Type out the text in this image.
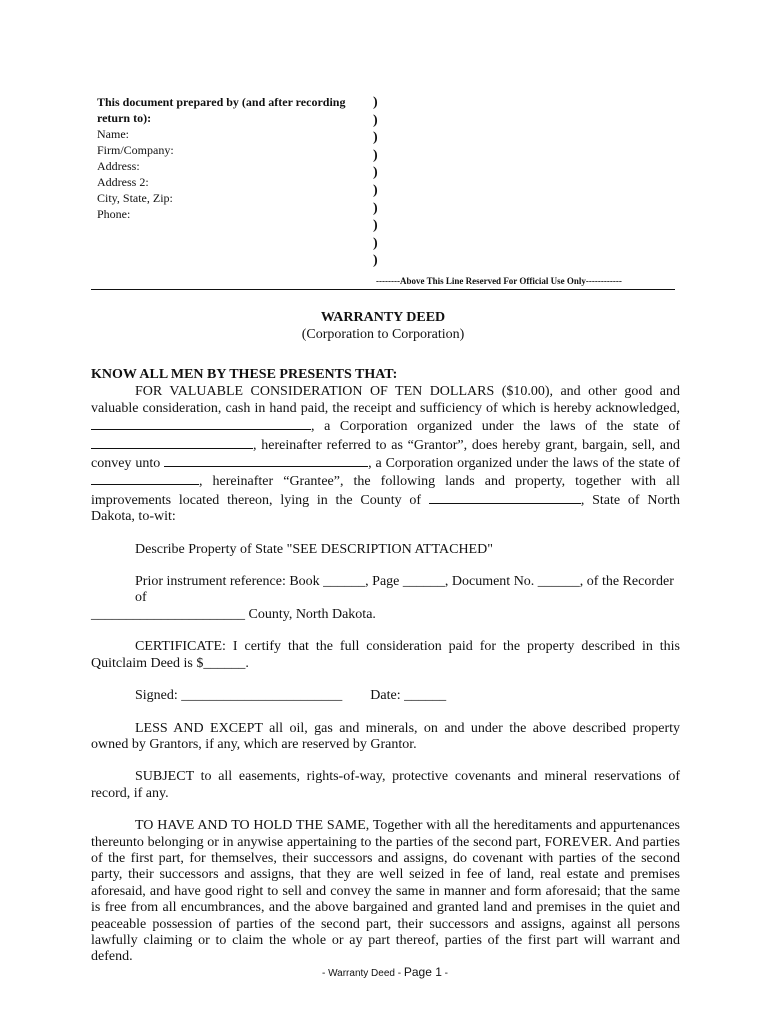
This document prepared by (and after recording
return to):
Name:
Firm/Company:
Address:
Address 2:
City, State, Zip:
Phone:
)
)
)
)
)
)
)
)
)
)
--------Above This Line Reserved For Official Use Only------------
WARRANTY DEED
(Corporation to Corporation)

KNOW ALL MEN BY THESE PRESENTS THAT:

FOR VALUABLE CONSIDERATION OF TEN DOLLARS ($10.00), and other good and valuable consideration, cash in hand paid, the receipt and sufficiency of which is hereby acknowledged, , a Corporation organized under the laws of the state of , hereinafter referred to as “Grantor”, does hereby grant, bargain, sell, and convey unto	, a Corporation organized under the laws of the state of , hereinafter “Grantee”, the following lands and property, together with all improvements located thereon, lying in the County of	, State of North Dakota, to-wit:

Describe Property of State "SEE DESCRIPTION ATTACHED"

Prior instrument reference: Book ______, Page ______, Document No. ______, of the Recorder of

______________________ County, North Dakota.

CERTIFICATE: I certify that the full consideration paid for the property described in this Quitclaim Deed is $______.

Signed: _______________________ Date: ______

LESS AND EXCEPT all oil, gas and minerals, on and under the above described property owned by Grantors, if any, which are reserved by Grantor.

SUBJECT to all easements, rights-of-way, protective covenants and mineral reservations of record, if any.

TO HAVE AND TO HOLD THE SAME, Together with all the hereditaments and appurtenances thereunto belonging or in anywise appertaining to the parties of the second part, FOREVER. And parties of the first part, for themselves, their successors and assigns, do covenant with parties of the second party, their successors and assigns, that they are well seized in fee of land, real estate and premises aforesaid, and have good right to sell and convey the same in manner and form aforesaid; that the same is free from all encumbrances, and the above bargained and granted land and premises in the quiet and peaceable possession of parties of the second part, their successors and assigns, against all persons lawfully claiming or to claim the whole or ay part thereof, parties of the first part will warrant and defend.

- Warranty Deed - Page 1 -
